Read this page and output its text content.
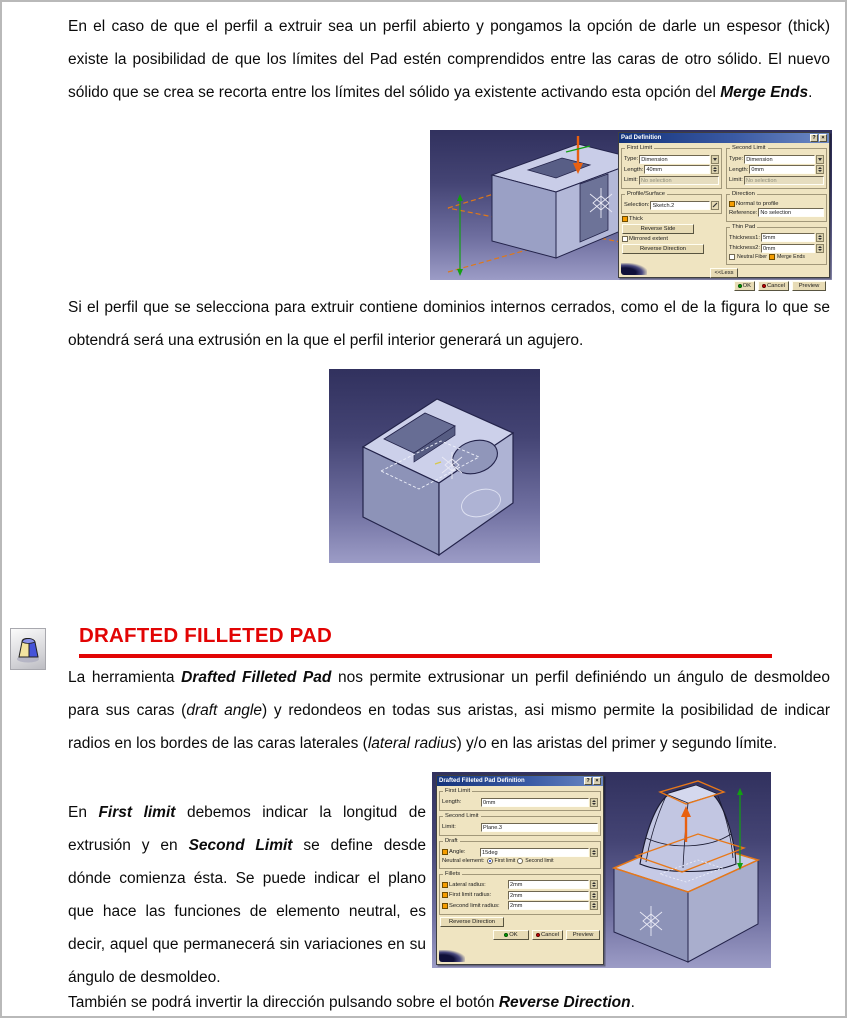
En el caso de que el perfil a extruir sea un perfil abierto y pongamos la opción de darle un espesor (thick) existe la posibilidad de que los límites del Pad estén comprendidos entre las caras de otro sólido. El nuevo sólido que se crea se recorta entre los límites del sólido ya existente activando esta opción del Merge Ends.

Pad Definition	?	×
First Limit
Type: Dimension
Length: 40mm
Limit: No selection
Profile/Surface
Selection: Sketch.2
Thick
Reverse Side
Mirrored extent
Reverse Direction
Second Limit
Type: Dimension
Length: 0mm
Limit: No selection
Direction
Normal to profile
Reference: No selection
Thin Pad
Thickness1: 5mm
Thickness2: 0mm
Neutral Fiber Merge Ends
<<Less
OK	Cancel	Preview

Si el perfil que se selecciona para extruir contiene dominios internos cerrados, como el de la figura lo que se obtendrá será una extrusión en la que el perfil interior generará un agujero.

DRAFTED FILLETED PAD

La herramienta Drafted Filleted Pad nos permite extrusionar un perfil definiéndo un ángulo de desmoldeo para sus caras (draft angle) y redondeos en todas sus aristas, asi mismo permite la posibilidad de indicar radios en los bordes de las caras laterales (lateral radius) y/o en las aristas del primer y segundo límite.

En First limit debemos indicar la longitud de extrusión y en Second Limit se define desde dónde comienza ésta. Se puede indicar el plano que hace las funciones de elemento neutral, es decir, aquel que permanecerá sin variaciones en su ángulo de desmoldeo.

Drafted Filleted Pad Definition	?	×
First Limit
Length:	0mm
Second Limit
Limit:	Plane.3
Draft
Angle:	15deg
Neutral element: First limit Second limit
Fillets
Lateral radius:	2mm
First limit radius:	2mm
Second limit radius:	2mm
Reverse Direction
OK	Cancel	Preview

También se podrá invertir la dirección pulsando sobre el botón Reverse Direction.
